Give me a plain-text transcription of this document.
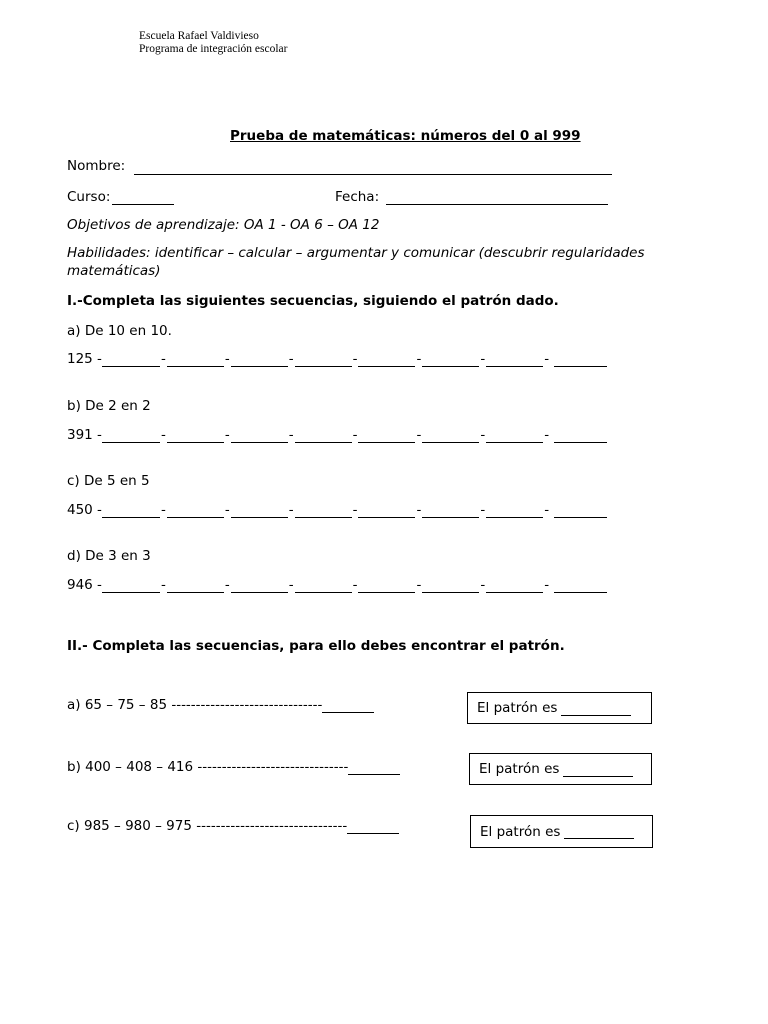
Escuela Rafael Valdivieso
Programa de integración escolar
Prueba de matemáticas: números del 0 al 999
Nombre:
Curso:	Fecha:
Objetivos de aprendizaje: OA 1 - OA 6 – OA 12
Habilidades: identificar – calcular – argumentar y comunicar (descubrir regularidades
matemáticas)
I.-Completa las siguientes secuencias, siguiendo el patrón dado.
a) De 10 en 10.
125 -	-	-	-	-	-	-	-
b) De 2 en 2
391 -	-	-	-	-	-	-	-
c) De 5 en 5
450 -	-	-	-	-	-	-	-
d) De 3 en 3
946 -	-	-	-	-	-	-	-
II.- Completa las secuencias, para ello debes encontrar el patrón.
a) 65 – 75 – 85 -------------------------------	El patrón es
b) 400 – 408 – 416 -------------------------------	El patrón es
c) 985 – 980 – 975 -------------------------------	El patrón es
